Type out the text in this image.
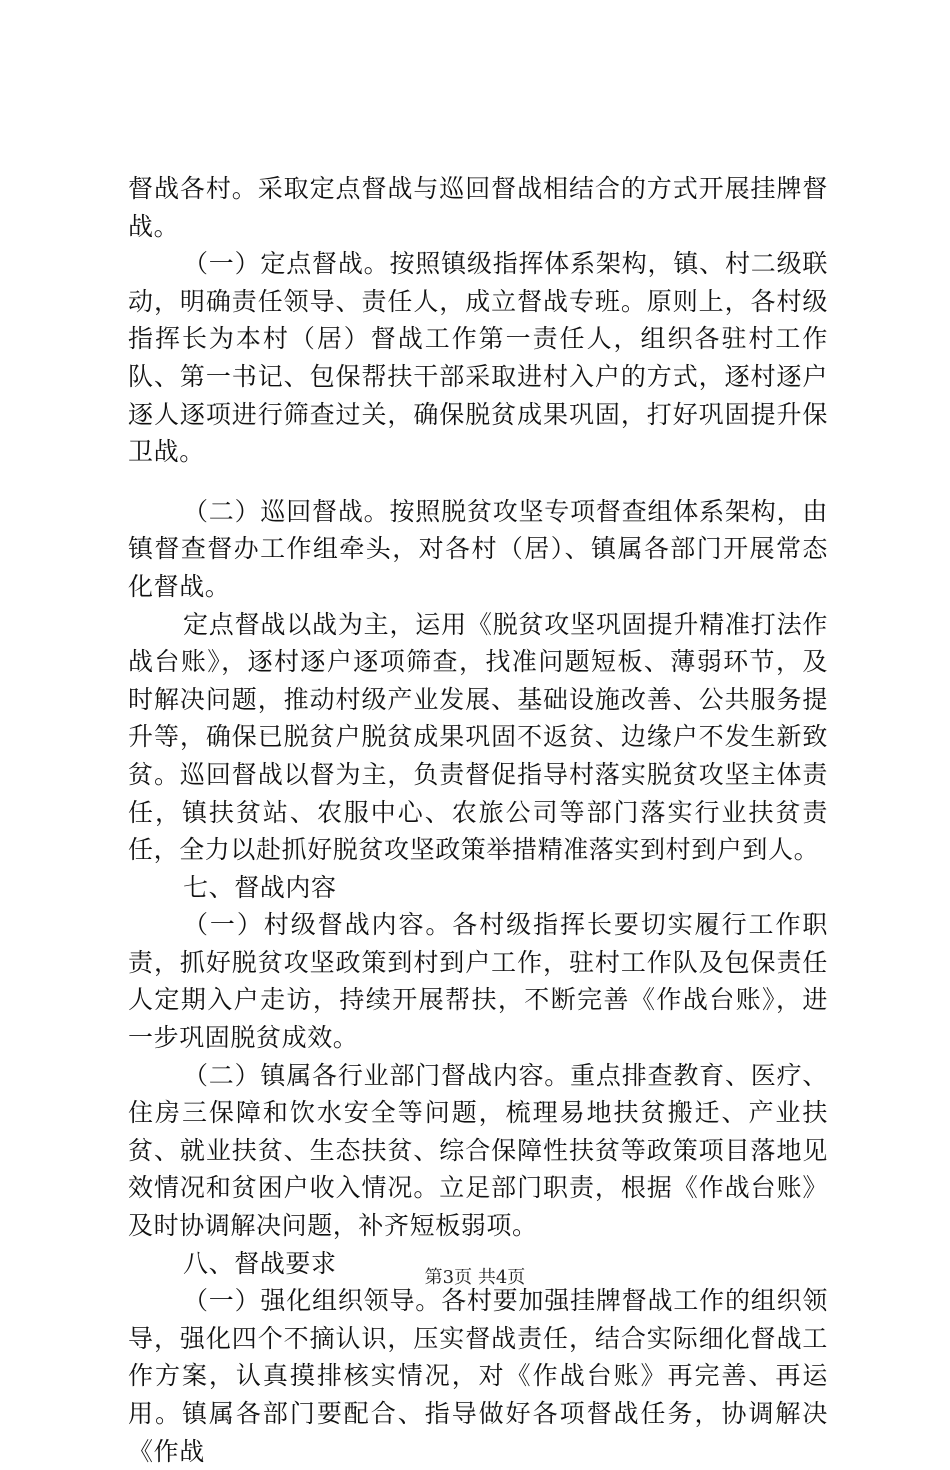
督战各村。采取定点督战与巡回督战相结合的方式开展挂牌督战。

（一）定点督战。按照镇级指挥体系架构，镇、村二级联动，明确责任领导、责任人，成立督战专班。原则上，各村级指挥长为本村（居）督战工作第一责任人，组织各驻村工作队、第一书记、包保帮扶干部采取进村入户的方式，逐村逐户逐人逐项进行筛查过关，确保脱贫成果巩固，打好巩固提升保卫战。

（二）巡回督战。按照脱贫攻坚专项督查组体系架构，由镇督查督办工作组牵头，对各村（居）、镇属各部门开展常态化督战。

定点督战以战为主，运用《脱贫攻坚巩固提升精准打法作战台账》，逐村逐户逐项筛查，找准问题短板、薄弱环节，及时解决问题，推动村级产业发展、基础设施改善、公共服务提升等，确保已脱贫户脱贫成果巩固不返贫、边缘户不发生新致贫。巡回督战以督为主，负责督促指导村落实脱贫攻坚主体责任，镇扶贫站、农服中心、农旅公司等部门落实行业扶贫责任，全力以赴抓好脱贫攻坚政策举措精准落实到村到户到人。

七、督战内容

（一）村级督战内容。各村级指挥长要切实履行工作职责，抓好脱贫攻坚政策到村到户工作，驻村工作队及包保责任人定期入户走访，持续开展帮扶，不断完善《作战台账》，进一步巩固脱贫成效。

（二）镇属各行业部门督战内容。重点排查教育、医疗、住房三保障和饮水安全等问题，梳理易地扶贫搬迁、产业扶贫、就业扶贫、生态扶贫、综合保障性扶贫等政策项目落地见效情况和贫困户收入情况。立足部门职责，根据《作战台账》及时协调解决问题，补齐短板弱项。

八、督战要求

（一）强化组织领导。各村要加强挂牌督战工作的组织领导，强化四个不摘认识，压实督战责任，结合实际细化督战工作方案，认真摸排核实情况，对《作战台账》再完善、再运用。镇属各部门要配合、指导做好各项督战任务，协调解决《作战

第3页 共4页
